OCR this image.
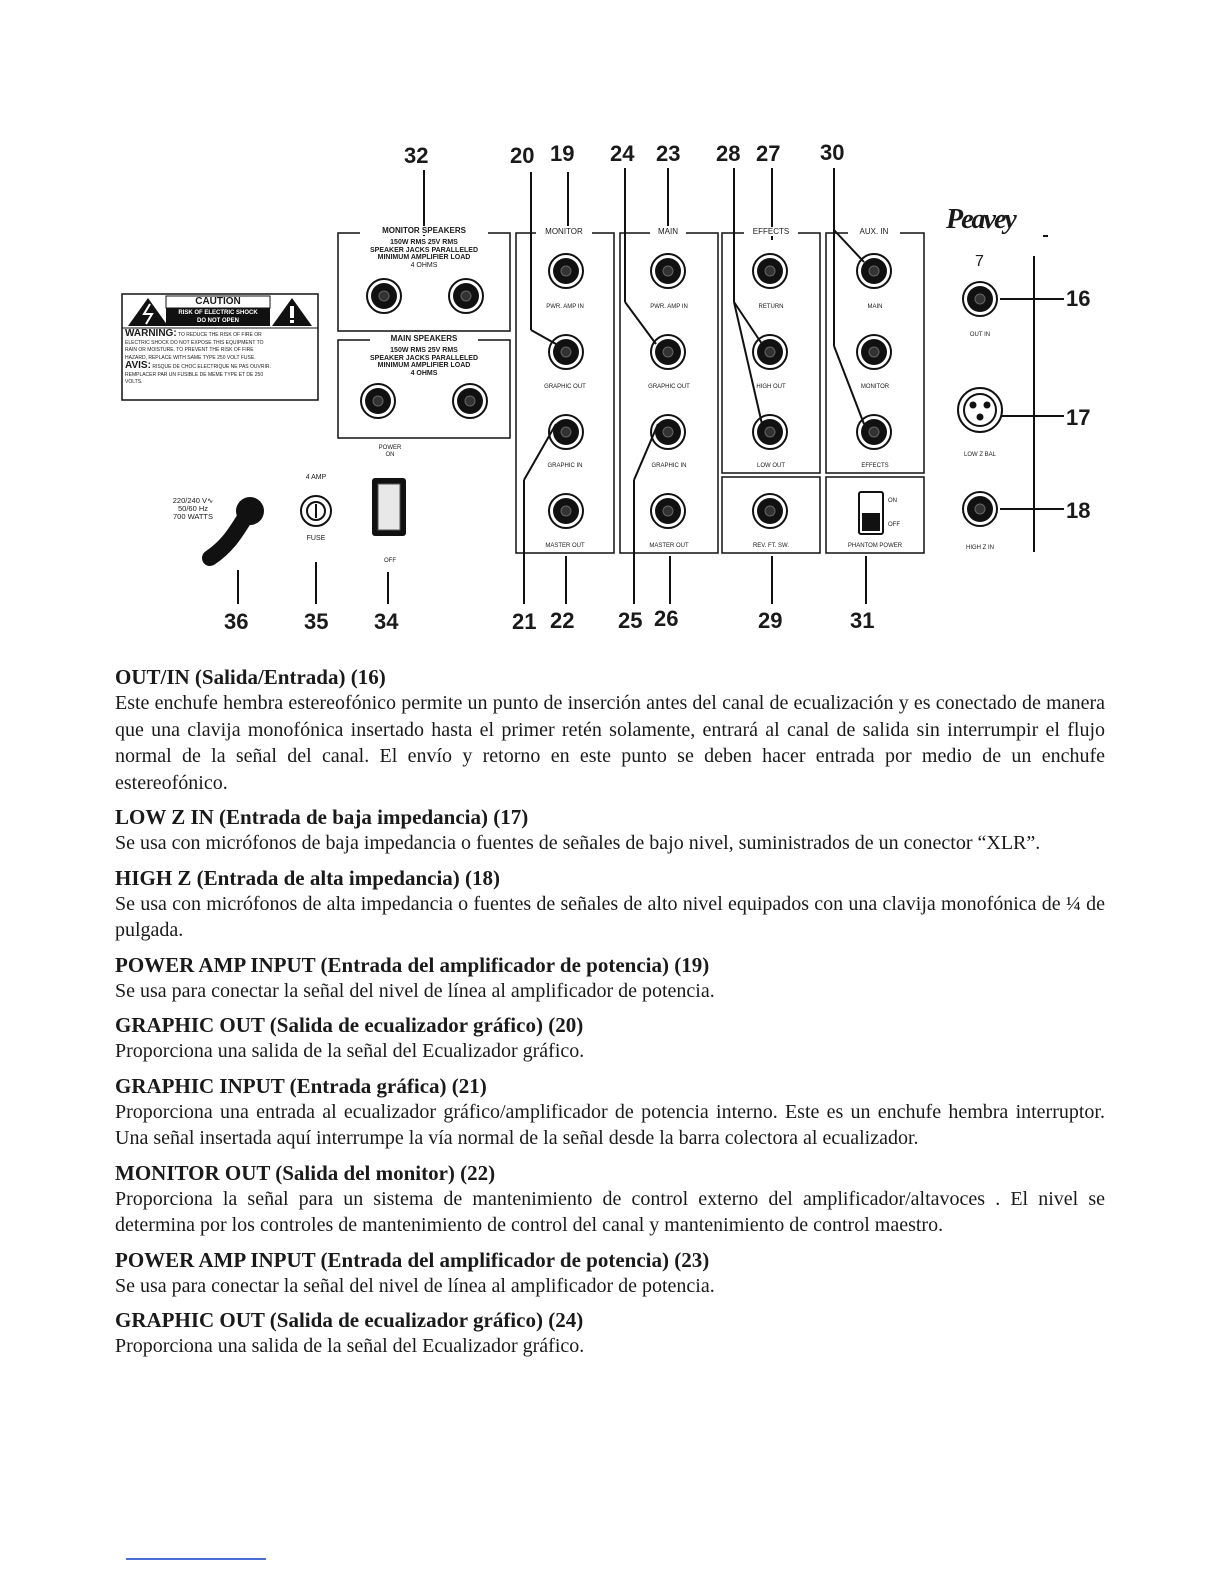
32	20 19 24 23 28 27 30
16
17
18
36	35 34	21 22 25 26	29	31
7
CAUTION
RISK OF ELECTRIC SHOCK
DO NOT OPEN
WARNING: TO REDUCE THE RISK OF FIRE OR
ELECTRIC SHOCK DO NOT EXPOSE THIS EQUIPMENT TO
RAIN OR MOISTURE. TO PREVENT THE RISK OF FIRE
HAZARD, REPLACE WITH SAME TYPE 250 VOLT FUSE.
AVIS: RISQUE DE CHOC ELECTRIQUE NE PAS OUVRIR.
REMPLACER PAR UN FUSIBLE DE MEME TYPE ET DE 250
VOLTS.
MONITOR SPEAKERS
150W RMS 25V RMS
SPEAKER JACKS PARALLELED
MINIMUM AMPLIFIER LOAD
4 OHMS
MAIN SPEAKERS
150W RMS 25V RMS
SPEAKER JACKS PARALLELED
MINIMUM AMPLIFIER LOAD
4 OHMS
POWER
ON
OFF
4 AMP
FUSE
220/240 V∿
50/60 Hz
700 WATTS
MONITOR	MAIN	EFFECTS	AUX. IN
PWR. AMP IN
GRAPHIC OUT
GRAPHIC IN
MASTER OUT
PWR. AMP IN
GRAPHIC OUT
GRAPHIC IN
MASTER OUT
RETURN
HIGH OUT
LOW OUT
REV. FT. SW.
MAIN
MONITOR
EFFECTS
ON
OFF
PHANTOM POWER
Peavey
OUT IN
LOW Z BAL
HIGH Z IN
OUT/IN (Salida/Entrada) (16)

Este enchufe hembra estereofónico permite un punto de inserción antes del canal de ecualización y es conectado de manera que una clavija monofónica insertado hasta el primer retén solamente, entrará al canal de salida sin interrumpir el flujo normal de la señal del canal. El envío y retorno en este punto se deben hacer entrada por medio de un enchufe estereofónico.

LOW Z IN (Entrada de baja impedancia) (17)

Se usa con micrófonos de baja impedancia o fuentes de señales de bajo nivel, suministrados de un conector “XLR”.

HIGH Z (Entrada de alta impedancia) (18)

Se usa con micrófonos de alta impedancia o fuentes de señales de alto nivel equipados con una clavija monofónica de ¼ de pulgada.

POWER AMP INPUT (Entrada del amplificador de potencia) (19)

Se usa para conectar la señal del nivel de línea al amplificador de potencia.

GRAPHIC OUT (Salida de ecualizador gráfico) (20)

Proporciona una salida de la señal del Ecualizador gráfico.

GRAPHIC INPUT (Entrada gráfica) (21)

Proporciona una entrada al ecualizador gráfico/amplificador de potencia interno. Este es un enchufe hembra interruptor. Una señal insertada aquí interrumpe la vía normal de la señal desde la barra colectora al ecualizador.

MONITOR OUT (Salida del monitor) (22)

Proporciona la señal para un sistema de mantenimiento de control externo del amplificador/altavoces . El nivel se determina por los controles de mantenimiento de control del canal y mantenimiento de control maestro.

POWER AMP INPUT (Entrada del amplificador de potencia) (23)

Se usa para conectar la señal del nivel de línea al amplificador de potencia.

GRAPHIC OUT (Salida de ecualizador gráfico) (24)

Proporciona una salida de la señal del Ecualizador gráfico.
